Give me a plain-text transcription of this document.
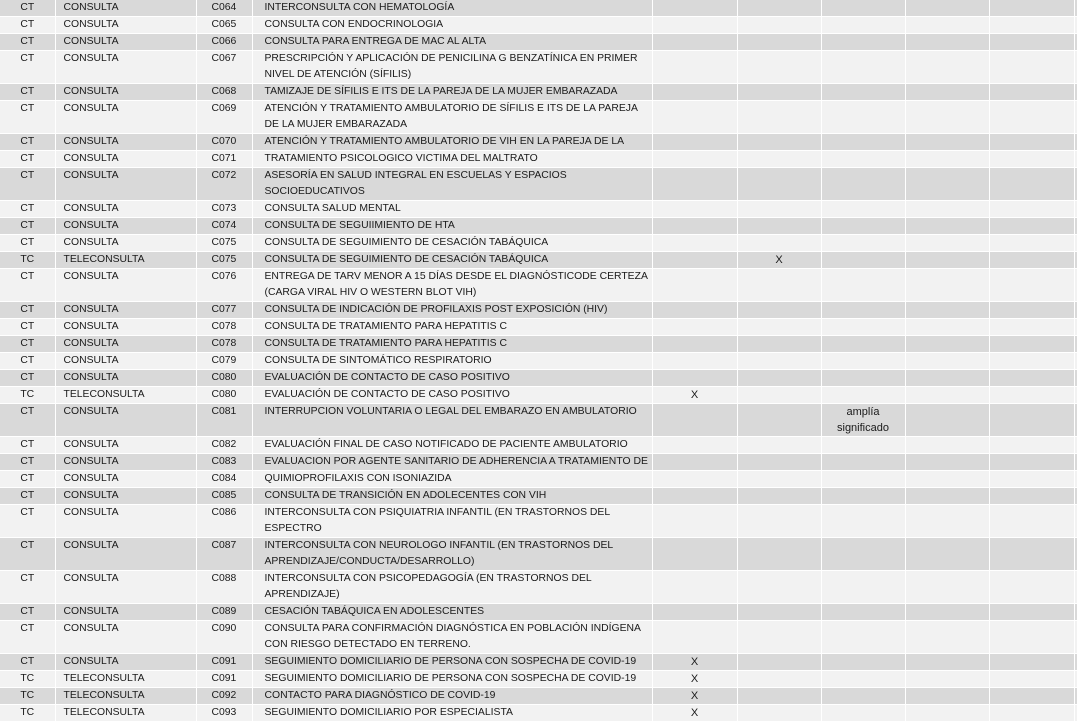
CT	CONSULTA	C064	INTERCONSULTA CON HEMATOLOGÍA						
CT	CONSULTA	C065	CONSULTA CON ENDOCRINOLOGIA						
CT	CONSULTA	C066	CONSULTA PARA ENTREGA DE MAC AL ALTA						
CT	CONSULTA	C067	PRESCRIPCIÓN Y APLICACIÓN DE PENICILINA G BENZATÍNICA EN PRIMER NIVEL DE ATENCIÓN (SÍFILIS)						
CT	CONSULTA	C068	TAMIZAJE DE SÍFILIS E ITS DE LA PAREJA DE LA MUJER EMBARAZADA						
CT	CONSULTA	C069	ATENCIÓN Y TRATAMIENTO AMBULATORIO DE SÍFILIS E ITS DE LA PAREJA DE LA MUJER EMBARAZADA						
CT	CONSULTA	C070	ATENCIÓN Y TRATAMIENTO AMBULATORIO DE VIH EN LA PAREJA DE LA						
CT	CONSULTA	C071	TRATAMIENTO PSICOLOGICO VICTIMA DEL MALTRATO						
CT	CONSULTA	C072	ASESORÍA EN SALUD INTEGRAL EN ESCUELAS Y ESPACIOS SOCIOEDUCATIVOS						
CT	CONSULTA	C073	CONSULTA SALUD MENTAL						
CT	CONSULTA	C074	CONSULTA DE SEGUIIMIENTO DE HTA						
CT	CONSULTA	C075	CONSULTA DE SEGUIMIENTO DE CESACIÓN TABÁQUICA						
TC	TELECONSULTA	C075	CONSULTA DE SEGUIMIENTO DE CESACIÓN TABÁQUICA		X				
CT	CONSULTA	C076	ENTREGA DE TARV MENOR A 15 DÍAS DESDE EL DIAGNÓSTICODE CERTEZA (CARGA VIRAL HIV O WESTERN BLOT VIH)						
CT	CONSULTA	C077	CONSULTA DE INDICACIÓN DE PROFILAXIS POST EXPOSICIÓN (HIV)						
CT	CONSULTA	C078	CONSULTA DE TRATAMIENTO PARA HEPATITIS C						
CT	CONSULTA	C078	CONSULTA DE TRATAMIENTO PARA HEPATITIS C						
CT	CONSULTA	C079	CONSULTA DE SINTOMÁTICO RESPIRATORIO						
CT	CONSULTA	C080	EVALUACIÓN DE CONTACTO DE CASO POSITIVO						
TC	TELECONSULTA	C080	EVALUACIÓN DE CONTACTO DE CASO POSITIVO	X					
CT	CONSULTA	C081	INTERRUPCION VOLUNTARIA O LEGAL DEL EMBARAZO EN AMBULATORIO			amplía significado			
CT	CONSULTA	C082	EVALUACIÓN FINAL DE CASO NOTIFICADO DE PACIENTE AMBULATORIO						
CT	CONSULTA	C083	EVALUACION POR AGENTE SANITARIO DE ADHERENCIA A TRATAMIENTO DE						
CT	CONSULTA	C084	QUIMIOPROFILAXIS CON ISONIAZIDA						
CT	CONSULTA	C085	CONSULTA DE TRANSICIÓN EN ADOLECENTES CON VIH						
CT	CONSULTA	C086	INTERCONSULTA CON PSIQUIATRIA INFANTIL (EN TRASTORNOS DEL ESPECTRO						
CT	CONSULTA	C087	INTERCONSULTA CON NEUROLOGO INFANTIL (EN TRASTORNOS DEL APRENDIZAJE/CONDUCTA/DESARROLLO)						
CT	CONSULTA	C088	INTERCONSULTA CON PSICOPEDAGOGÍA (EN TRASTORNOS DEL APRENDIZAJE)						
CT	CONSULTA	C089	CESACIÓN TABÁQUICA EN ADOLESCENTES						
CT	CONSULTA	C090	CONSULTA PARA CONFIRMACIÓN DIAGNÓSTICA EN POBLACIÓN INDÍGENA CON RIESGO DETECTADO EN TERRENO.						
CT	CONSULTA	C091	SEGUIMIENTO DOMICILIARIO DE PERSONA CON SOSPECHA DE COVID-19	X					
TC	TELECONSULTA	C091	SEGUIMIENTO DOMICILIARIO DE PERSONA CON SOSPECHA DE COVID-19	X					
TC	TELECONSULTA	C092	CONTACTO PARA DIAGNÓSTICO DE COVID-19	X					
TC	TELECONSULTA	C093	SEGUIMIENTO DOMICILIARIO POR ESPECIALISTA	X					
